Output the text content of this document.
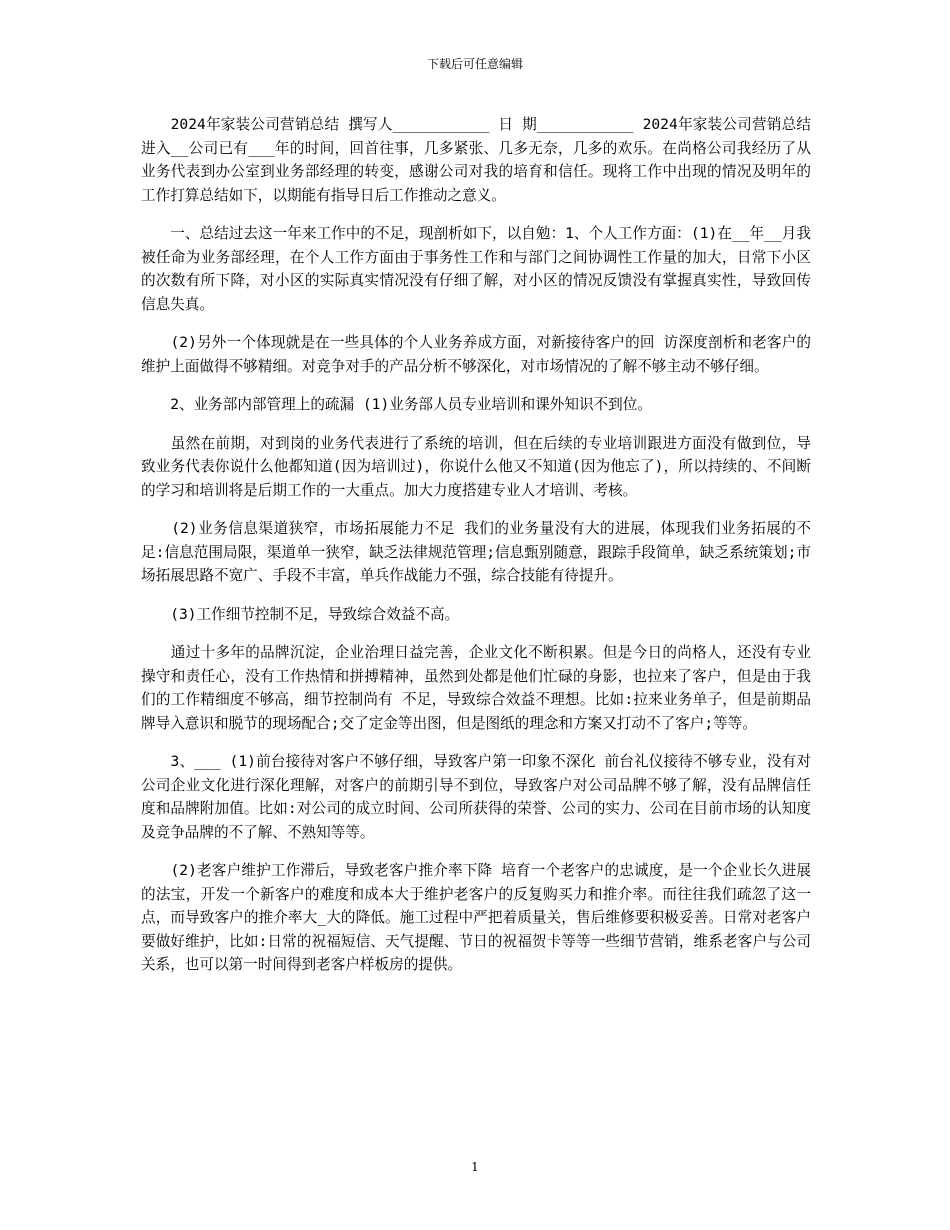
下载后可任意编辑

　　2024年家装公司营销总结 撰写人___________ 日 期___________ 2024年家装公司营销总结 进入__公司已有___年的时间，回首往事，几多紧张、几多无奈，几多的欢乐。在尚格公司我经历了从业务代表到办公室到业务部经理的转变，感谢公司对我的培育和信任。现将工作中出现的情况及明年的工作打算总结如下，以期能有指导日后工作推动之意义。

　　一、总结过去这一年来工作中的不足，现剖析如下，以自勉：1、个人工作方面：(1)在__年__月我被任命为业务部经理，在个人工作方面由于事务性工作和与部门之间协调性工作量的加大，日常下小区的次数有所下降，对小区的实际真实情况没有仔细了解，对小区的情况反馈没有掌握真实性，导致回传信息失真。

　　(2)另外一个体现就是在一些具体的个人业务养成方面，对新接待客户的回 访深度剖析和老客户的维护上面做得不够精细。对竞争对手的产品分析不够深化，对市场情况的了解不够主动不够仔细。

　　2、业务部内部管理上的疏漏 (1)业务部人员专业培训和课外知识不到位。

　　虽然在前期，对到岗的业务代表进行了系统的培训，但在后续的专业培训跟进方面没有做到位，导致业务代表你说什么他都知道(因为培训过)，你说什么他又不知道(因为他忘了)，所以持续的、不间断的学习和培训将是后期工作的一大重点。加大力度搭建专业人才培训、考核。

　　(2)业务信息渠道狭窄，市场拓展能力不足 我们的业务量没有大的进展，体现我们业务拓展的不足:信息范围局限，渠道单一狭窄，缺乏法律规范管理;信息甄别随意，跟踪手段简单，缺乏系统策划;市场拓展思路不宽广、手段不丰富，单兵作战能力不强，综合技能有待提升。

　　(3)工作细节控制不足，导致综合效益不高。

　　通过十多年的品牌沉淀，企业治理日益完善，企业文化不断积累。但是今日的尚格人，还没有专业操守和责任心，没有工作热情和拼搏精神，虽然到处都是他们忙碌的身影，也拉来了客户，但是由于我们的工作精细度不够高，细节控制尚有 不足，导致综合效益不理想。比如:拉来业务单子，但是前期品牌导入意识和脱节的现场配合;交了定金等出图，但是图纸的理念和方案又打动不了客户;等等。

　　3、___ (1)前台接待对客户不够仔细，导致客户第一印象不深化 前台礼仪接待不够专业，没有对公司企业文化进行深化理解，对客户的前期引导不到位，导致客户对公司品牌不够了解，没有品牌信任度和品牌附加值。比如:对公司的成立时间、公司所获得的荣誉、公司的实力、公司在目前市场的认知度及竞争品牌的不了解、不熟知等等。

　　(2)老客户维护工作滞后，导致老客户推介率下降 培育一个老客户的忠诚度，是一个企业长久进展的法宝，开发一个新客户的难度和成本大于维护老客户的反复购买力和推介率。而往往我们疏忽了这一点，而导致客户的推介率大_大的降低。施工过程中严把着质量关，售后维修要积极妥善。日常对老客户要做好维护，比如:日常的祝福短信、天气提醒、节日的祝福贺卡等等一些细节营销，维系老客户与公司关系，也可以第一时间得到老客户样板房的提供。

1
